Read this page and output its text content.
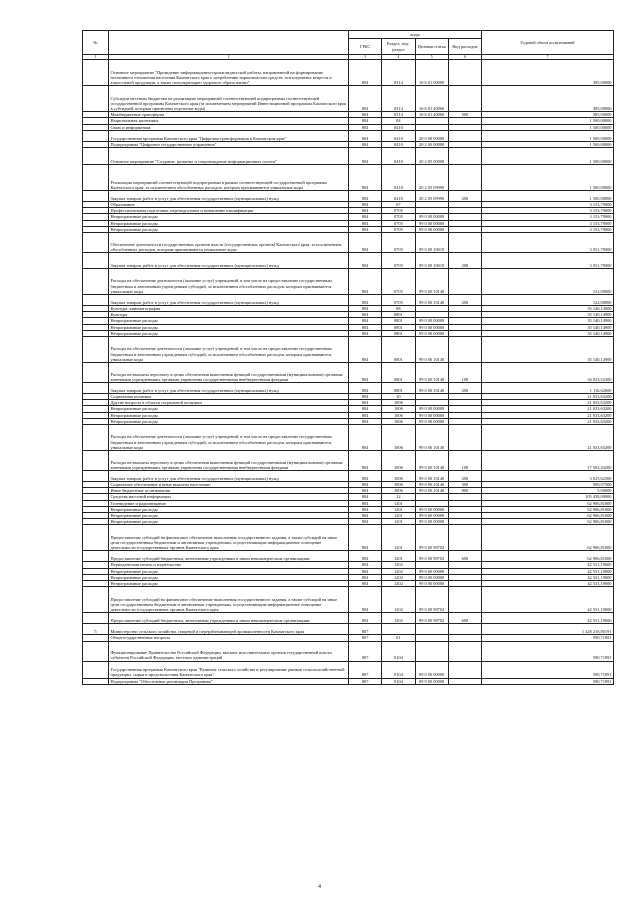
№		коды				Годовой объем ассигнований
		ГРБС	Раздел, под-раздел	Целевая статья	Вид расходов	
1	2	3	4	5	6	7
	Основное мероприятие "Проведение информационно-пропагандистской работы, направленной на формирование негативного отношения населения Камчатского края к потреблению наркотических средств, психотропных веществ и алкогольной продукции, а также популяризацию здорового образа жизни"	804	0314	16 6 01 00000		385,00000
	Субсидии местным бюджетам на реализацию мероприятий соответствующей подпрограммы соответствующей государственной программы Камчатского края (за исключением мероприятий Инвестиционной программы Камчатского края в субсидией, которым присвоены отдельные коды)	804	0314	16 6 01 40060		385,00000
	Межбюджетные трансферты	804	0314	16 6 01 40060	500	385,00000
	Национальная экономика	804	04			1 500,00000
	Связь и информатика	804	0410			1 500,00000
	Государственная программа Камчатского края "Цифровая трансформация в Камчатском крае"	804	0410	20 0 00 00000		1 500,00000
	Подпрограмма "Цифровое государственное управление"	804	0410	20 2 00 00000		1 500,00000
	Основное мероприятие "Создание, развитие и сопровождение информационных систем"	804	0410	20 2 05 00000		1 500,00000
	Реализация мероприятий соответствующей подпрограммы в рамках соответствующей государственной программы Камчатского края, за исключением обособленных расходов, которым присваиваются уникальные коды	804	0410	20 2 05 09990		1 500,00000
	Закупка товаров, работ и услуг для обеспечения государственных (муниципальных) нужд	804	0410	20 2 05 09990	200	1 500,00000
	Образование	804	07			3 153,79000
	Профессиональная подготовка, переподготовка и повышение квалификации	804	0705			3 153,79000
	Непрограммные расходы	804	0705	99 0 00 00000		3 153,79000
	Непрограммные расходы	804	0705	99 0 00 00000		3 153,79000
	Непрограммные расходы	804	0705	99 0 00 00000		3 153,79000
	Обеспечение деятельности государственных органов власти (государственных органов) Камчатского края, за исключением обособленных расходов, которым присваиваются уникальные коды	804	0705	99 0 00 10010		3 031,79000
	Закупка товаров, работ и услуг для обеспечения государственных (муниципальных) нужд	804	0705	99 0 00 10010	200	3 031,79000
	Расходы на обеспечение деятельности (оказание услуг) учреждений, в том числе на предоставление государственным бюджетным и автономным учреждениям субсидий, за исключением обособленных расходов, которым присваиваются уникальные коды	804	0705	99 0 00 10140		122,00000
	Закупка товаров, работ и услуг для обеспечения государственных (муниципальных) нужд	804	0705	99 0 00 10140	200	122,00000
	Культура, кинематография	804	08			35 140,14900
	Культура	804	0801			35 140,14900
	Непрограммные расходы	804	0801	99 0 00 00000		35 140,14900
	Непрограммные расходы	804	0801	99 0 00 00000		35 140,14900
	Непрограммные расходы	804	0801	99 0 00 00000		35 140,14900
	Расходы на обеспечение деятельности (оказание услуг) учреждений, в том числе на предоставление государственным бюджетным и автономным учреждениям субсидий, за исключением обособленных расходов, которым присваиваются уникальные коды	804	0801	99 0 00 10140		35 140,14900
	Расходы на выплаты персоналу в целях обеспечения выполнения функций государственными (муниципальными) органами, казенными учреждениями, органами управления государственными внебюджетными фондами	804	0801	99 0 00 10140	100	34 023,52300
	Закупка товаров, работ и услуг для обеспечения государственных (муниципальных) нужд	804	0801	99 0 00 10140	200	1 116,62600
	Социальная политика	804	10			21 033,63200
	Другие вопросы в области социальной политики	804	1006			21 033,63200
	Непрограммные расходы	804	1006	99 0 00 00000		21 033,63200
	Непрограммные расходы	804	1006	99 0 00 00000		21 033,63200
	Непрограммные расходы	804	1006	99 0 00 00000		21 033,63200
	Расходы на обеспечение деятельности (оказание услуг) учреждений, в том числе на предоставление государственным бюджетным и автономным учреждениям субсидий, за исключением обособленных расходов, которым присваиваются уникальные коды	804	1006	99 0 00 10140		21 033,63200
	Расходы на выплаты персоналу в целях обеспечения выполнения функций государственными (муниципальными) органами, казенными учреждениями, органами управления государственными внебюджетными фондами	804	1006	99 0 00 10140	100	17 502,43200
	Закупка товаров, работ и услуг для обеспечения государственных (муниципальных) нужд	804	1006	99 0 00 10140	200	3 025,62500
	Социальное обеспечение и иные выплаты населению	804	1006	99 0 00 10140	300	500,57500
	Иные бюджетные ассигнования	804	1006	99 0 00 10140	800	5,00000
	Средства массовой информации	804	12			105 438,00000
	Телевидение и радиовещание	804	1201			62 906,81000
	Непрограммные расходы	804	1201	99 0 00 00000		62 906,81000
	Непрограммные расходы	804	1201	99 0 00 00000		62 906,81000
	Непрограммные расходы	804	1201	99 0 00 00000		62 906,81000
	Предоставление субсидий на финансовое обеспечение выполнения государственного задания, а также субсидий на иные цели государственным бюджетным и автономным учреждениям, осуществляющим информационное освещение деятельности государственных органов Камчатского края	804	1201	99 0 00 98702		62 906,81000
	Предоставление субсидий бюджетным, автономным учреждениям и иным некоммерческим организациям	804	1201	99 0 00 98702	600	62 906,81000
	Периодическая печать и издательства	804	1202			42 531,19000
	Непрограммные расходы	804	1202	99 0 00 00000		42 531,19000
	Непрограммные расходы	804	1202	99 0 00 00000		42 531,19000
	Непрограммные расходы	804	1202	99 0 00 00000		42 531,19000
	Предоставление субсидий на финансовое обеспечение выполнения государственного задания, а также субсидий на иные цели государственным бюджетным и автономным учреждениям, осуществляющим информационное освещение деятельности государственных органов Камчатского края	804	1202	99 0 00 98702		42 531,19000
	Предоставление субсидий бюджетным, автономным учреждениям и иным некоммерческим организациям	804	1202	99 0 00 98702	600	42 531,19000
5	Министерство сельского хозяйства, пищевой и перерабатывающей промышленности Камчатского края	807				1 428 216,80191
	Общегосударственные вопросы	807	01			590,71891
	Функционирование Правительства Российской Федерации, высших исполнительных органов государственной власти субъектов Российской Федерации, местных администраций	807	0104			590,71891
	Государственная программа Камчатского края "Развитие сельского хозяйства и регулирование рынков сельскохозяйственной продукции, сырья и продовольствия Камчатского края"	807	0104	09 0 00 00000		590,71891
	Подпрограмма "Обеспечение реализации Программы"	807	0104	09 9 00 00000		590,71891
4
